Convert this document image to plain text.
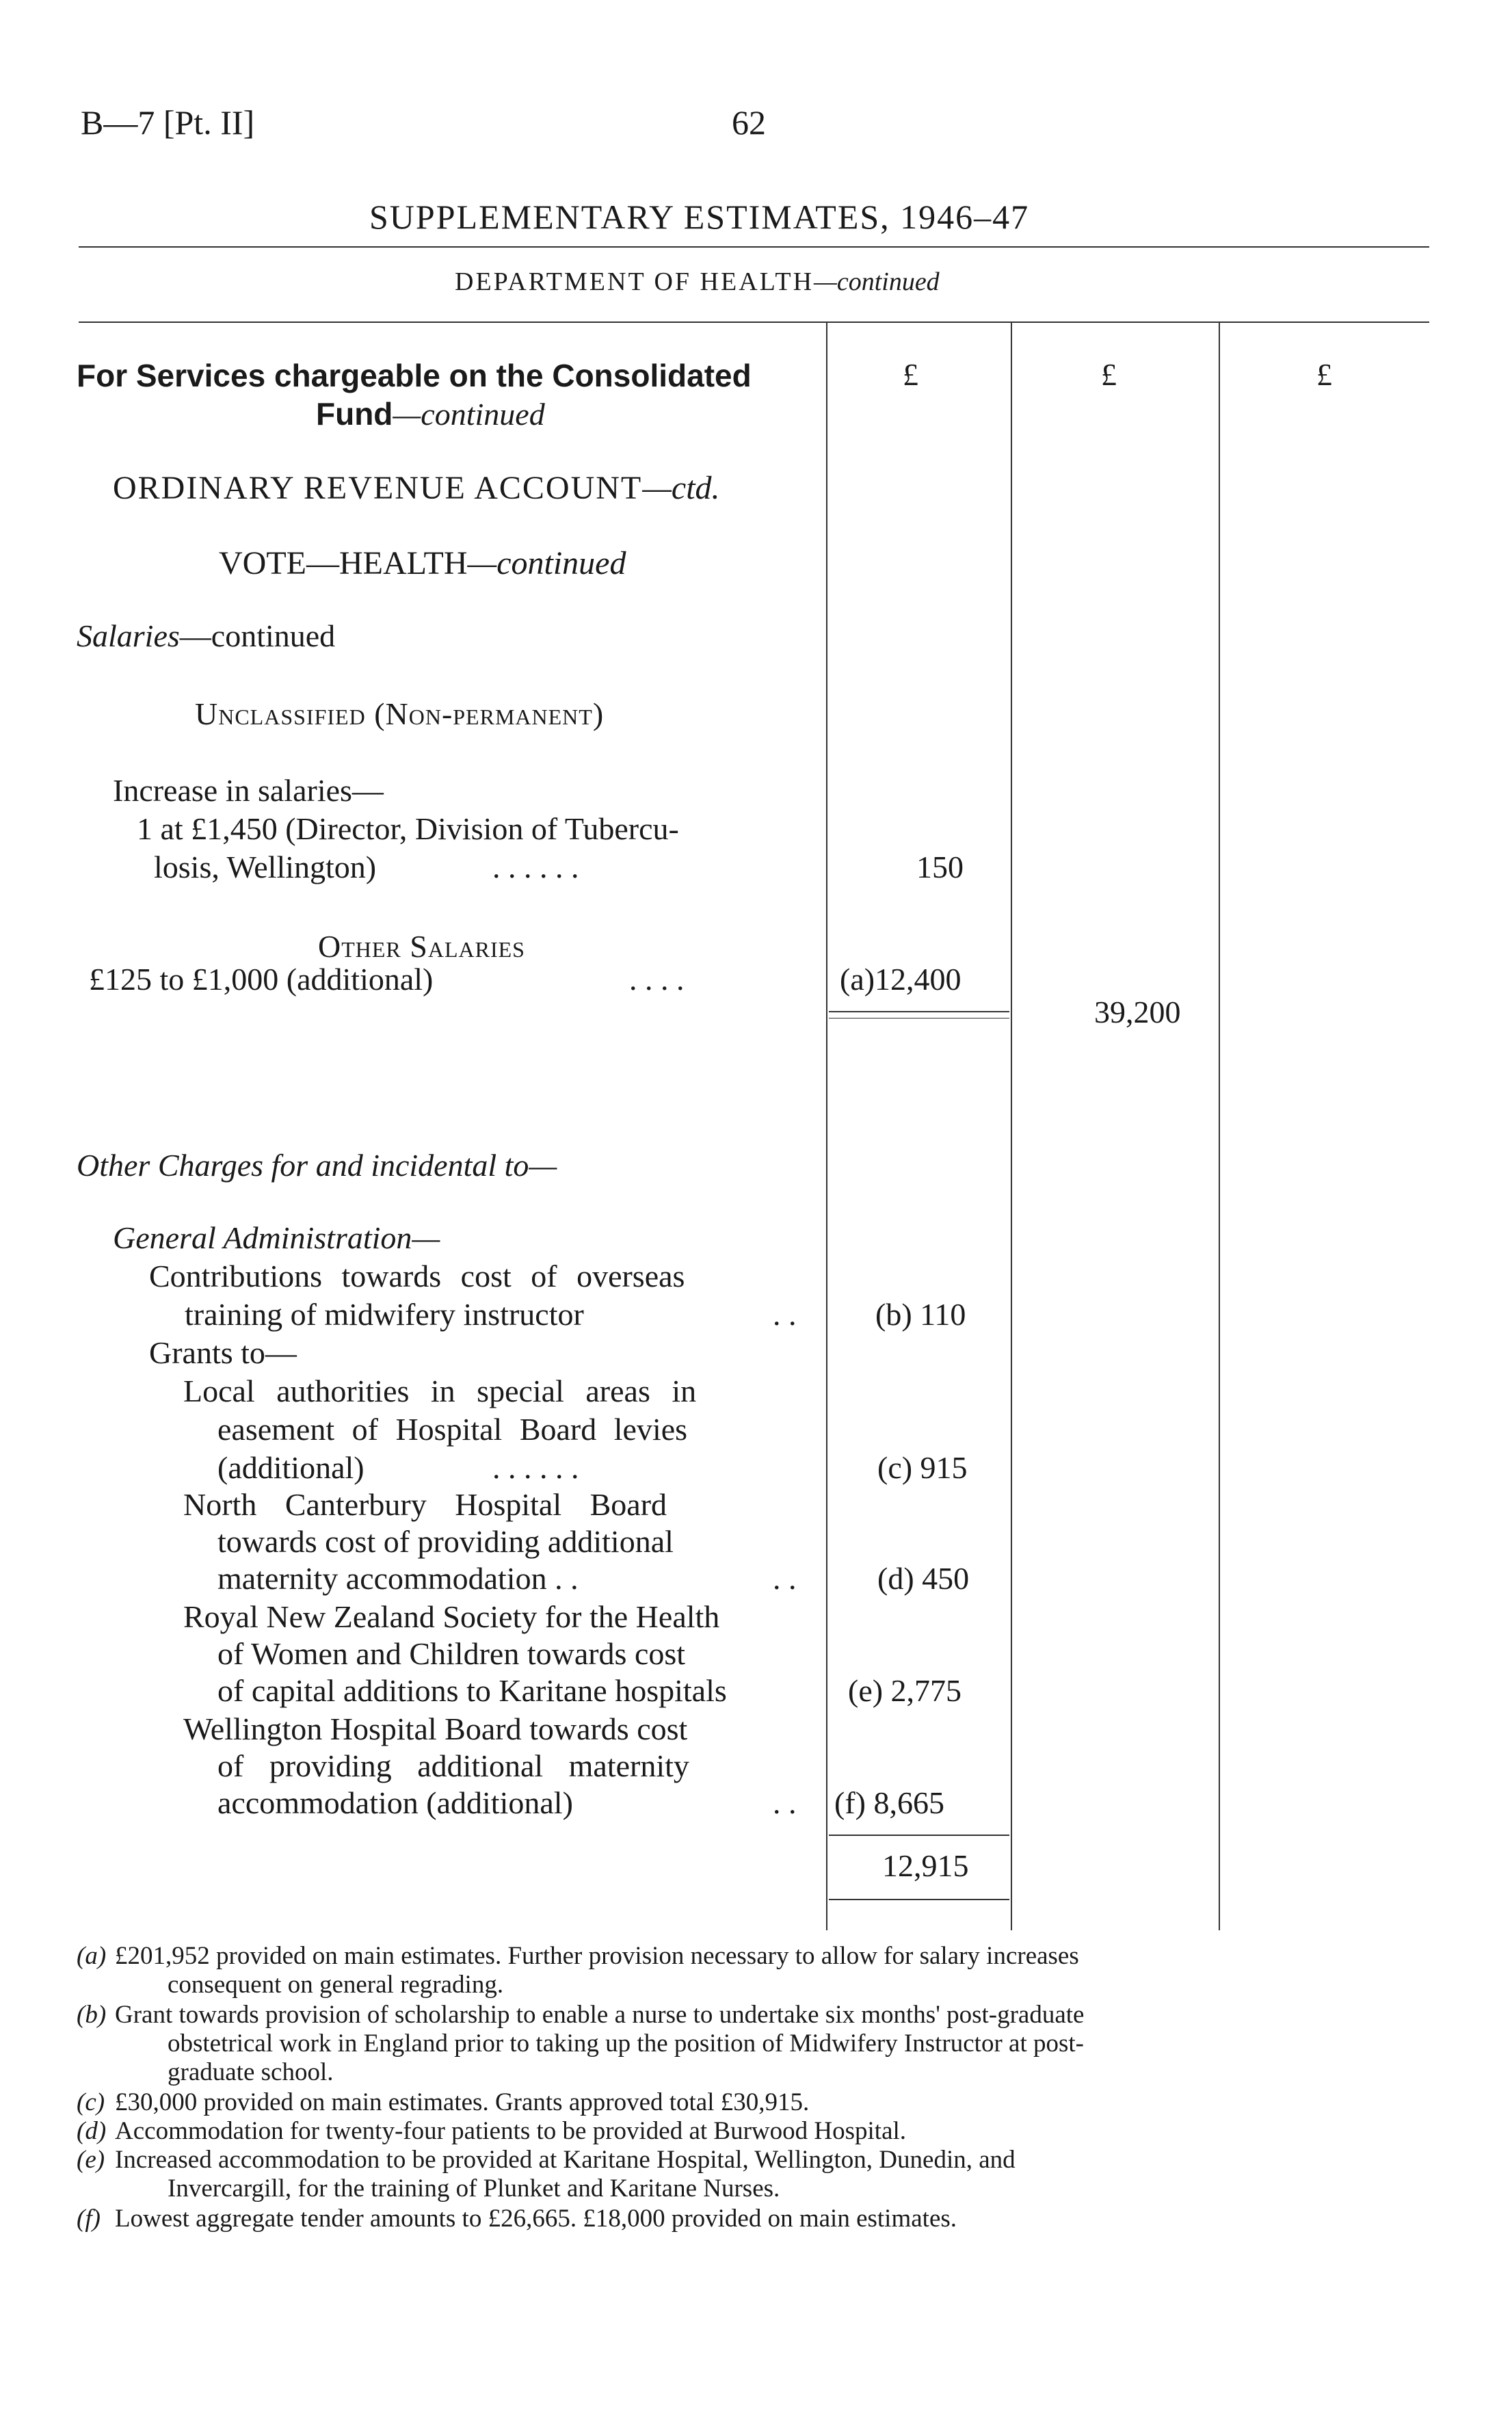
B—7 [Pt. II]	62
SUPPLEMENTARY ESTIMATES, 1946–47
DEPARTMENT OF HEALTH—continued
£	£	£
For Services chargeable on the Consolidated
Fund—continued
ORDINARY REVENUE ACCOUNT—ctd.
VOTE—HEALTH—continued
Salaries—continued
Unclassified (Non-permanent)
Increase in salaries—
1 at £1,450 (Director, Division of Tubercu-
losis, Wellington)	. . . . . .	150
Other Salaries
£125 to £1,000 (additional)	. . . .	(a)12,400
39,200
Other Charges for and incidental to—
General Administration—
Contributions towards cost of overseas
training of midwifery instructor	. .	(b) 110
Grants to—
Local authorities in special areas in
easement of Hospital Board levies
(additional)	. . . . . .	(c) 915
North Canterbury Hospital Board
towards cost of providing additional
maternity accommodation . .	. .	(d) 450
Royal New Zealand Society for the Health
of Women and Children towards cost
of capital additions to Karitane hospitals	(e) 2,775
Wellington Hospital Board towards cost
of providing additional maternity
accommodation (additional)	. . (f) 8,665
12,915
(a) £201,952 provided on main estimates. Further provision necessary to allow for salary increases
consequent on general regrading.
(b) Grant towards provision of scholarship to enable a nurse to undertake six months' post-graduate
obstetrical work in England prior to taking up the position of Midwifery Instructor at post-
graduate school.
(c) £30,000 provided on main estimates. Grants approved total £30,915.
(d) Accommodation for twenty-four patients to be provided at Burwood Hospital.
(e) Increased accommodation to be provided at Karitane Hospital, Wellington, Dunedin, and
Invercargill, for the training of Plunket and Karitane Nurses.
(f) Lowest aggregate tender amounts to £26,665. £18,000 provided on main estimates.
